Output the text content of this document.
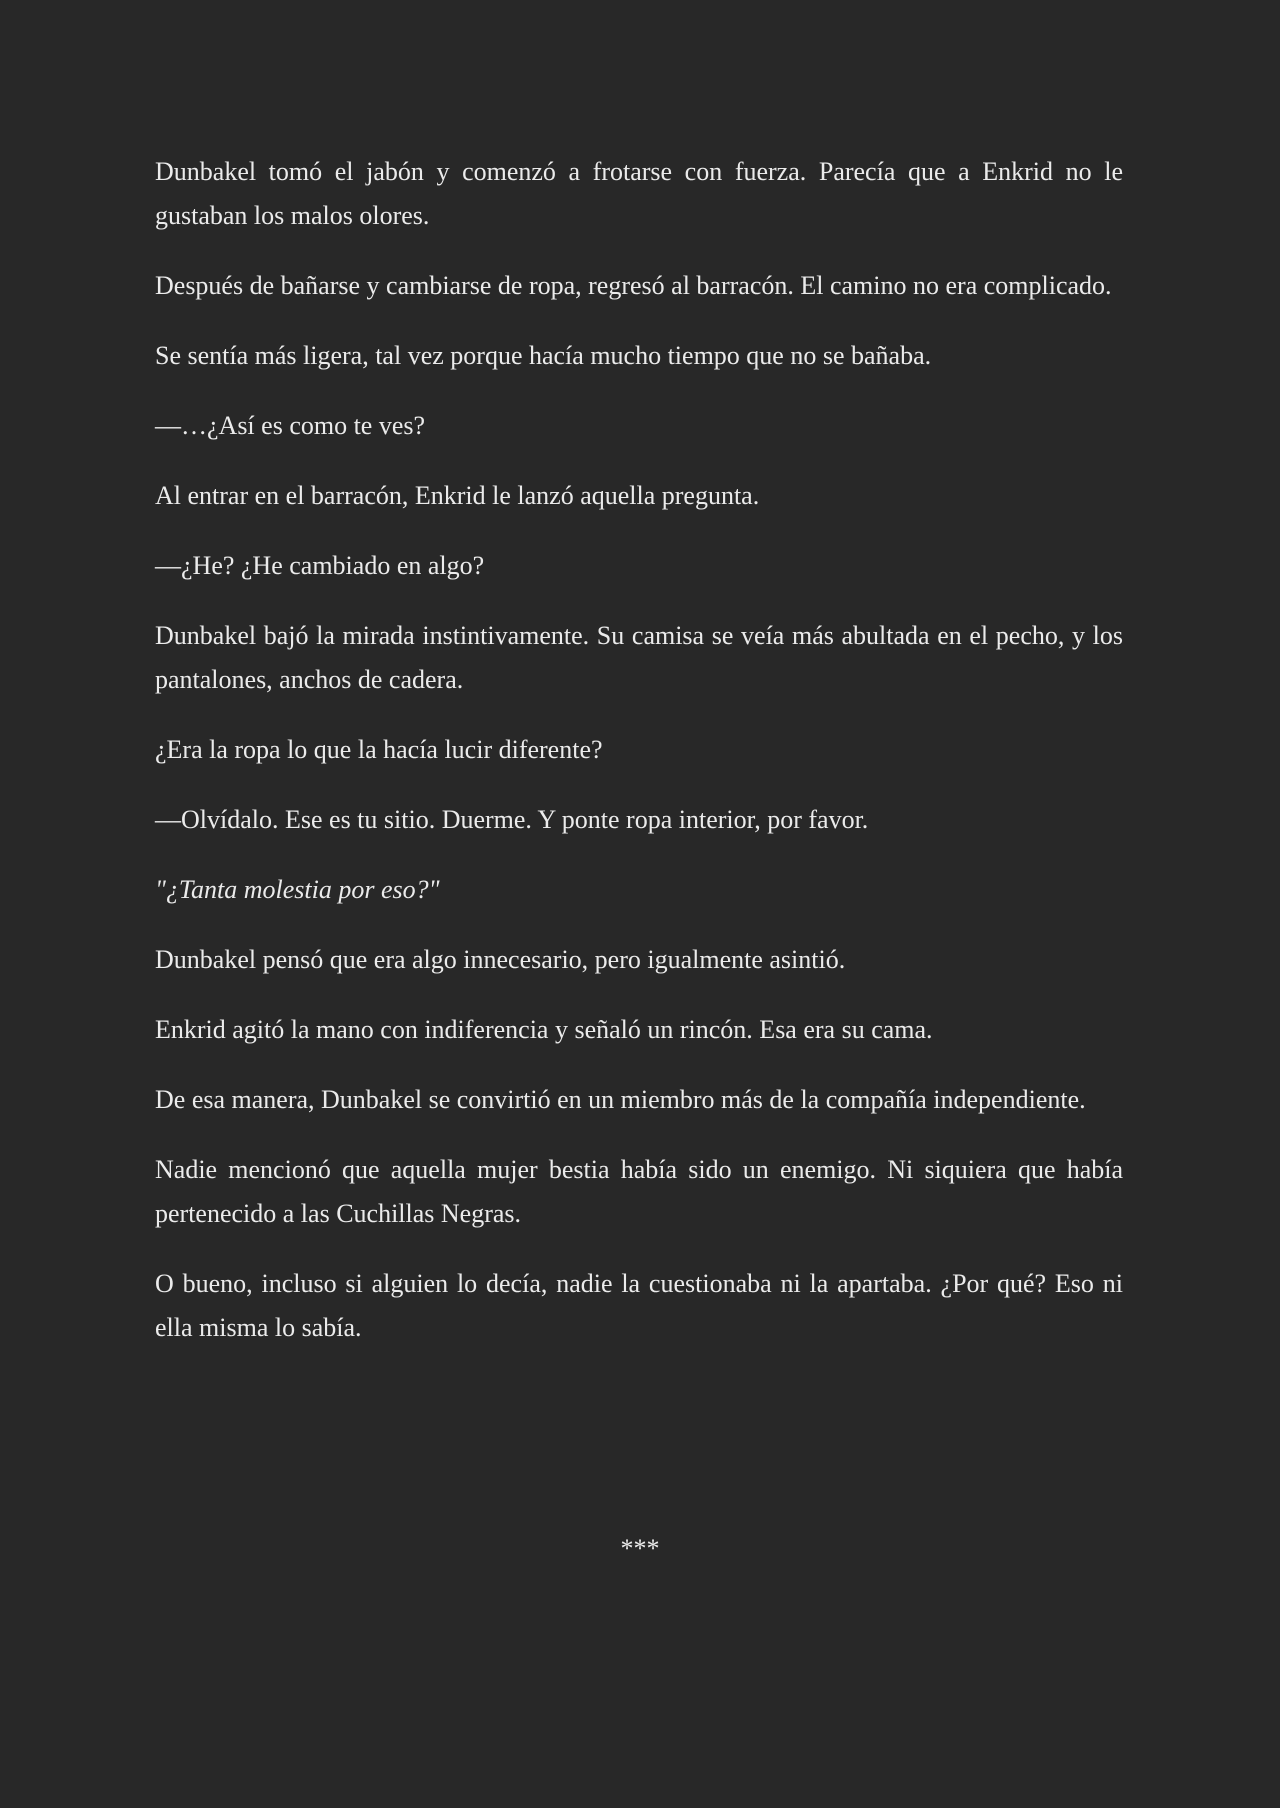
Dunbakel tomó el jabón y comenzó a frotarse con fuerza. Parecía que a Enkrid no le gustaban los malos olores.

Después de bañarse y cambiarse de ropa, regresó al barracón. El camino no era complicado.

Se sentía más ligera, tal vez porque hacía mucho tiempo que no se bañaba.

—…¿Así es como te ves?

Al entrar en el barracón, Enkrid le lanzó aquella pregunta.

—¿He? ¿He cambiado en algo?

Dunbakel bajó la mirada instintivamente. Su camisa se veía más abultada en el pecho, y los pantalones, anchos de cadera.

¿Era la ropa lo que la hacía lucir diferente?

—Olvídalo. Ese es tu sitio. Duerme. Y ponte ropa interior, por favor.

"¿Tanta molestia por eso?"

Dunbakel pensó que era algo innecesario, pero igualmente asintió.

Enkrid agitó la mano con indiferencia y señaló un rincón. Esa era su cama.

De esa manera, Dunbakel se convirtió en un miembro más de la compañía independiente.

Nadie mencionó que aquella mujer bestia había sido un enemigo. Ni siquiera que había pertenecido a las Cuchillas Negras.

O bueno, incluso si alguien lo decía, nadie la cuestionaba ni la apartaba. ¿Por qué? Eso ni ella misma lo sabía.

***
